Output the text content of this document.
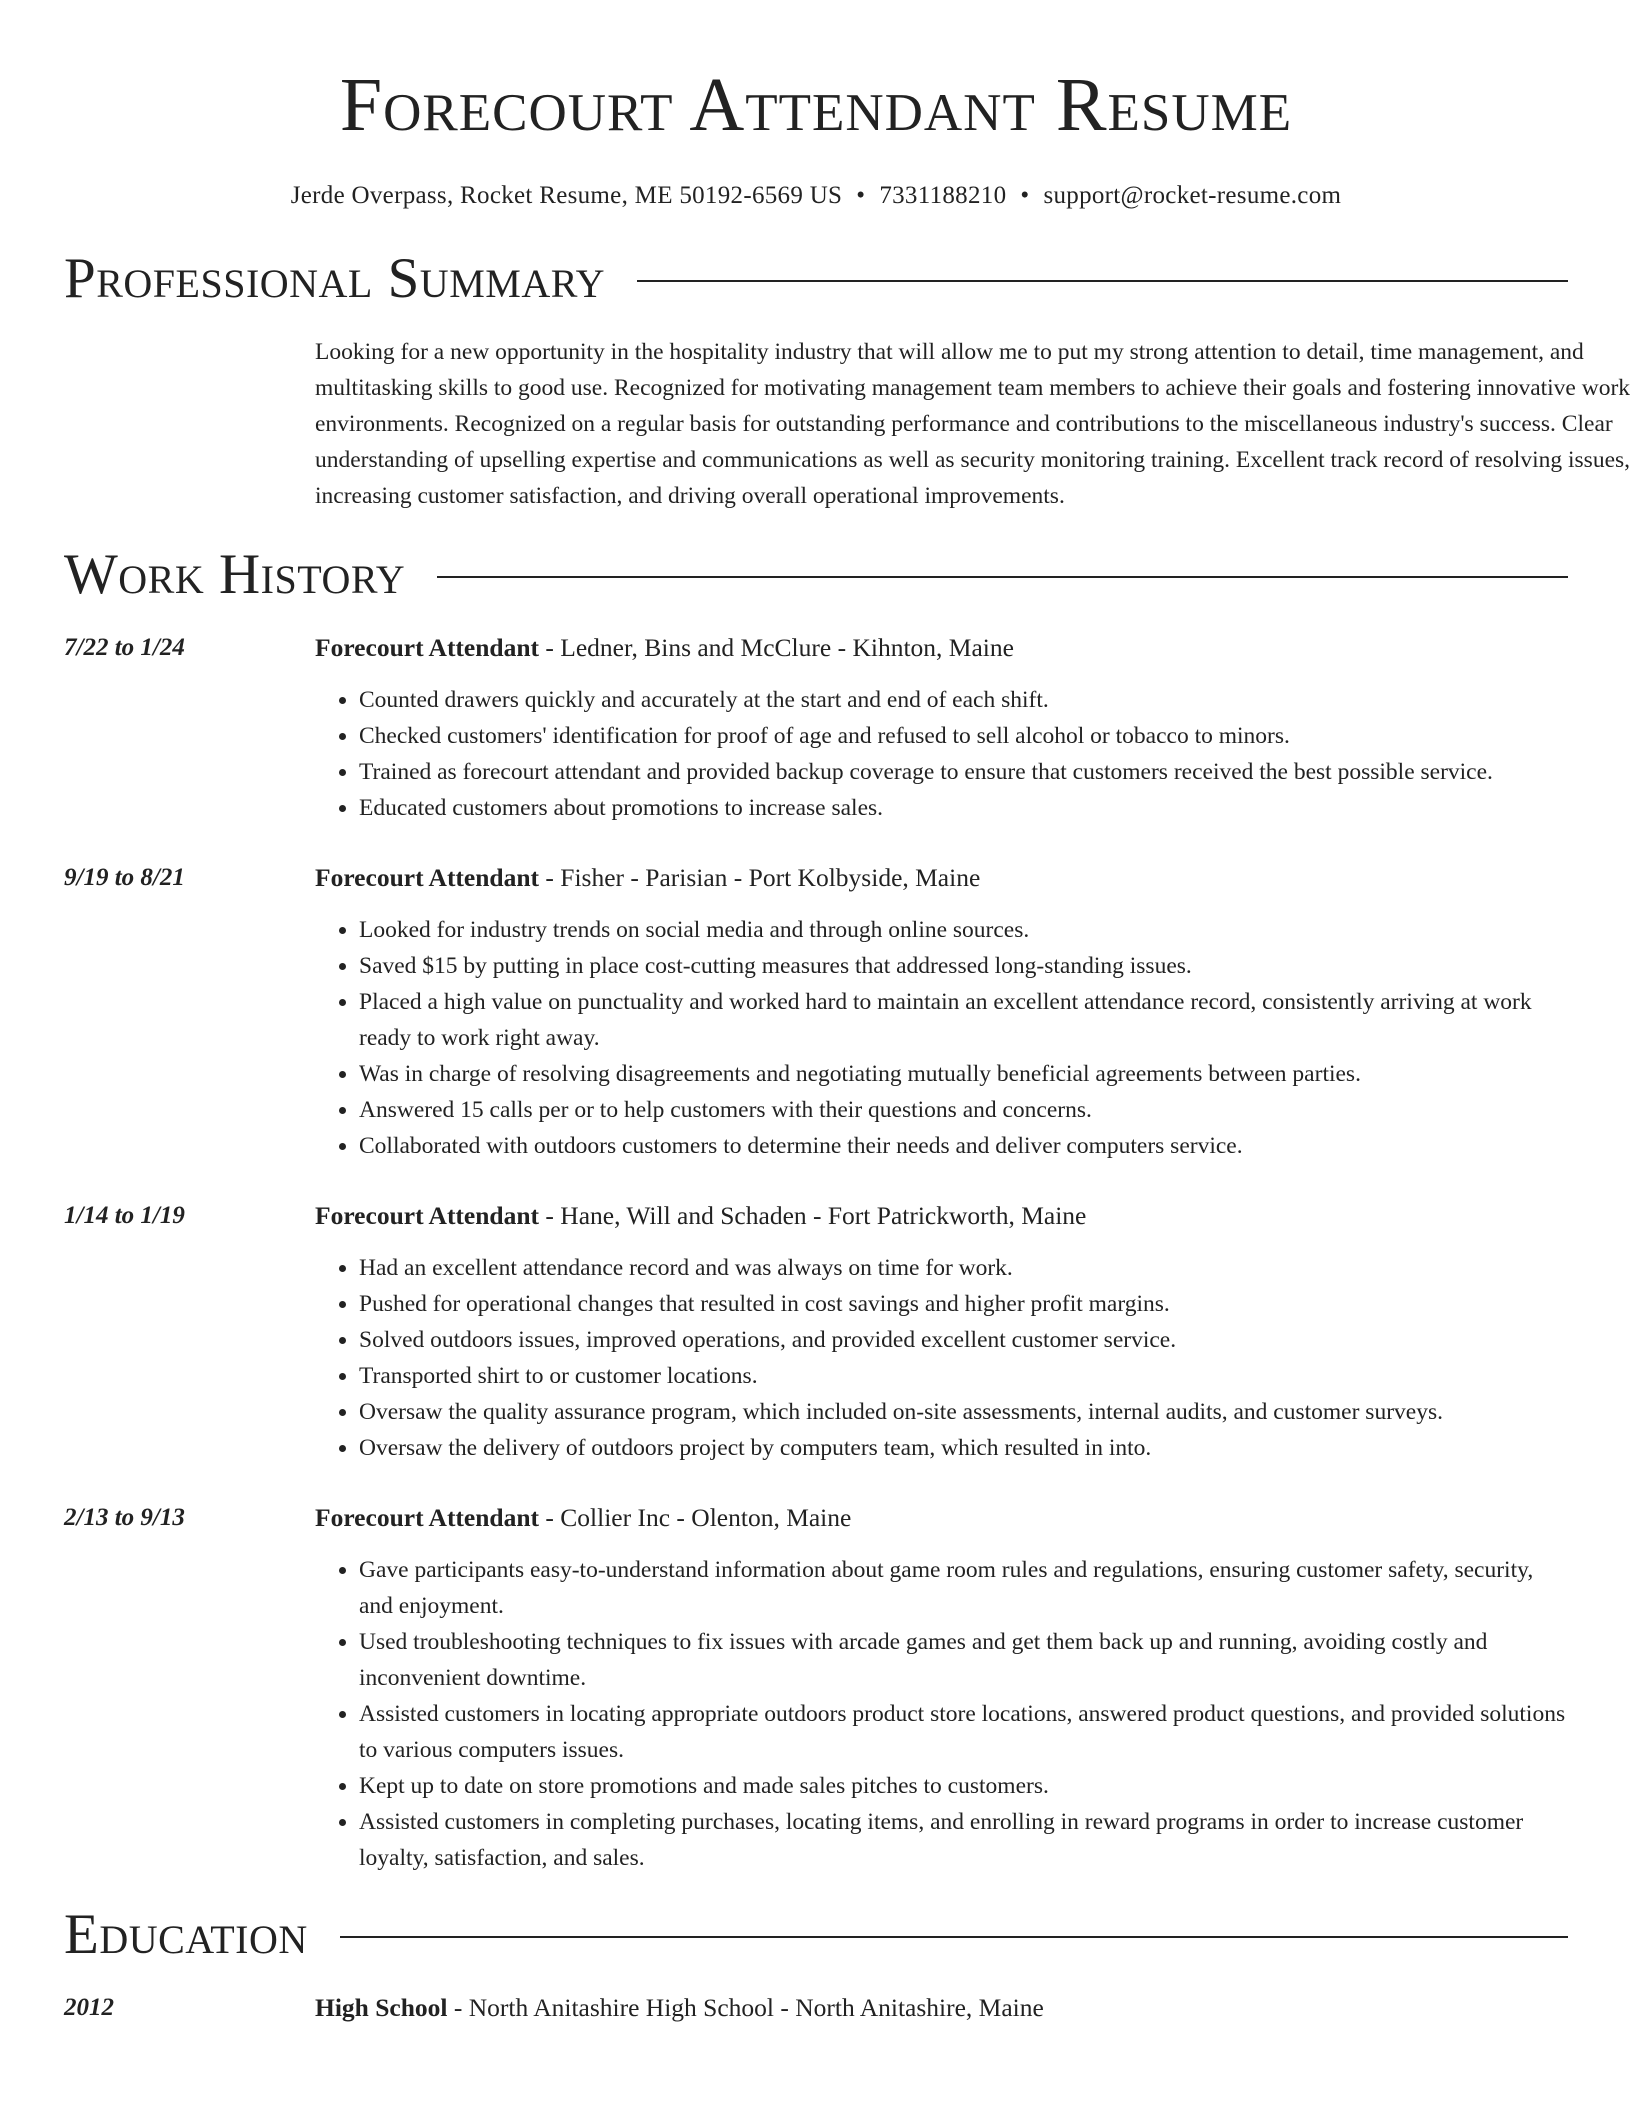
Forecourt Attendant Resume
Jerde Overpass, Rocket Resume, ME 50192-6569 US • 7331188210 • support@rocket-resume.com
Professional Summary
Looking for a new opportunity in the hospitality industry that will allow me to put my strong attention to detail, time management, and multitasking skills to good use. Recognized for motivating management team members to achieve their goals and fostering innovative work environments. Recognized on a regular basis for outstanding performance and contributions to the miscellaneous industry's success. Clear understanding of upselling expertise and communications as well as security monitoring training. Excellent track record of resolving issues, increasing customer satisfaction, and driving overall operational improvements.
Work History
7/22 to 1/24	Forecourt Attendant - Ledner, Bins and McClure - Kihnton, Maine
• Counted drawers quickly and accurately at the start and end of each shift.
• Checked customers' identification for proof of age and refused to sell alcohol or tobacco to minors.
• Trained as forecourt attendant and provided backup coverage to ensure that customers received the best possible service.
• Educated customers about promotions to increase sales.
9/19 to 8/21	Forecourt Attendant - Fisher - Parisian - Port Kolbyside, Maine
• Looked for industry trends on social media and through online sources.
• Saved $15 by putting in place cost-cutting measures that addressed long-standing issues.
• Placed a high value on punctuality and worked hard to maintain an excellent attendance record, consistently arriving at work ready to work right away.
• Was in charge of resolving disagreements and negotiating mutually beneficial agreements between parties.
• Answered 15 calls per or to help customers with their questions and concerns.
• Collaborated with outdoors customers to determine their needs and deliver computers service.
1/14 to 1/19	Forecourt Attendant - Hane, Will and Schaden - Fort Patrickworth, Maine
• Had an excellent attendance record and was always on time for work.
• Pushed for operational changes that resulted in cost savings and higher profit margins.
• Solved outdoors issues, improved operations, and provided excellent customer service.
• Transported shirt to or customer locations.
• Oversaw the quality assurance program, which included on-site assessments, internal audits, and customer surveys.
• Oversaw the delivery of outdoors project by computers team, which resulted in into.
2/13 to 9/13	Forecourt Attendant - Collier Inc - Olenton, Maine
• Gave participants easy-to-understand information about game room rules and regulations, ensuring customer safety, security, and enjoyment.
• Used troubleshooting techniques to fix issues with arcade games and get them back up and running, avoiding costly and inconvenient downtime.
• Assisted customers in locating appropriate outdoors product store locations, answered product questions, and provided solutions to various computers issues.
• Kept up to date on store promotions and made sales pitches to customers.
• Assisted customers in completing purchases, locating items, and enrolling in reward programs in order to increase customer loyalty, satisfaction, and sales.
Education
2012	High School - North Anitashire High School - North Anitashire, Maine
